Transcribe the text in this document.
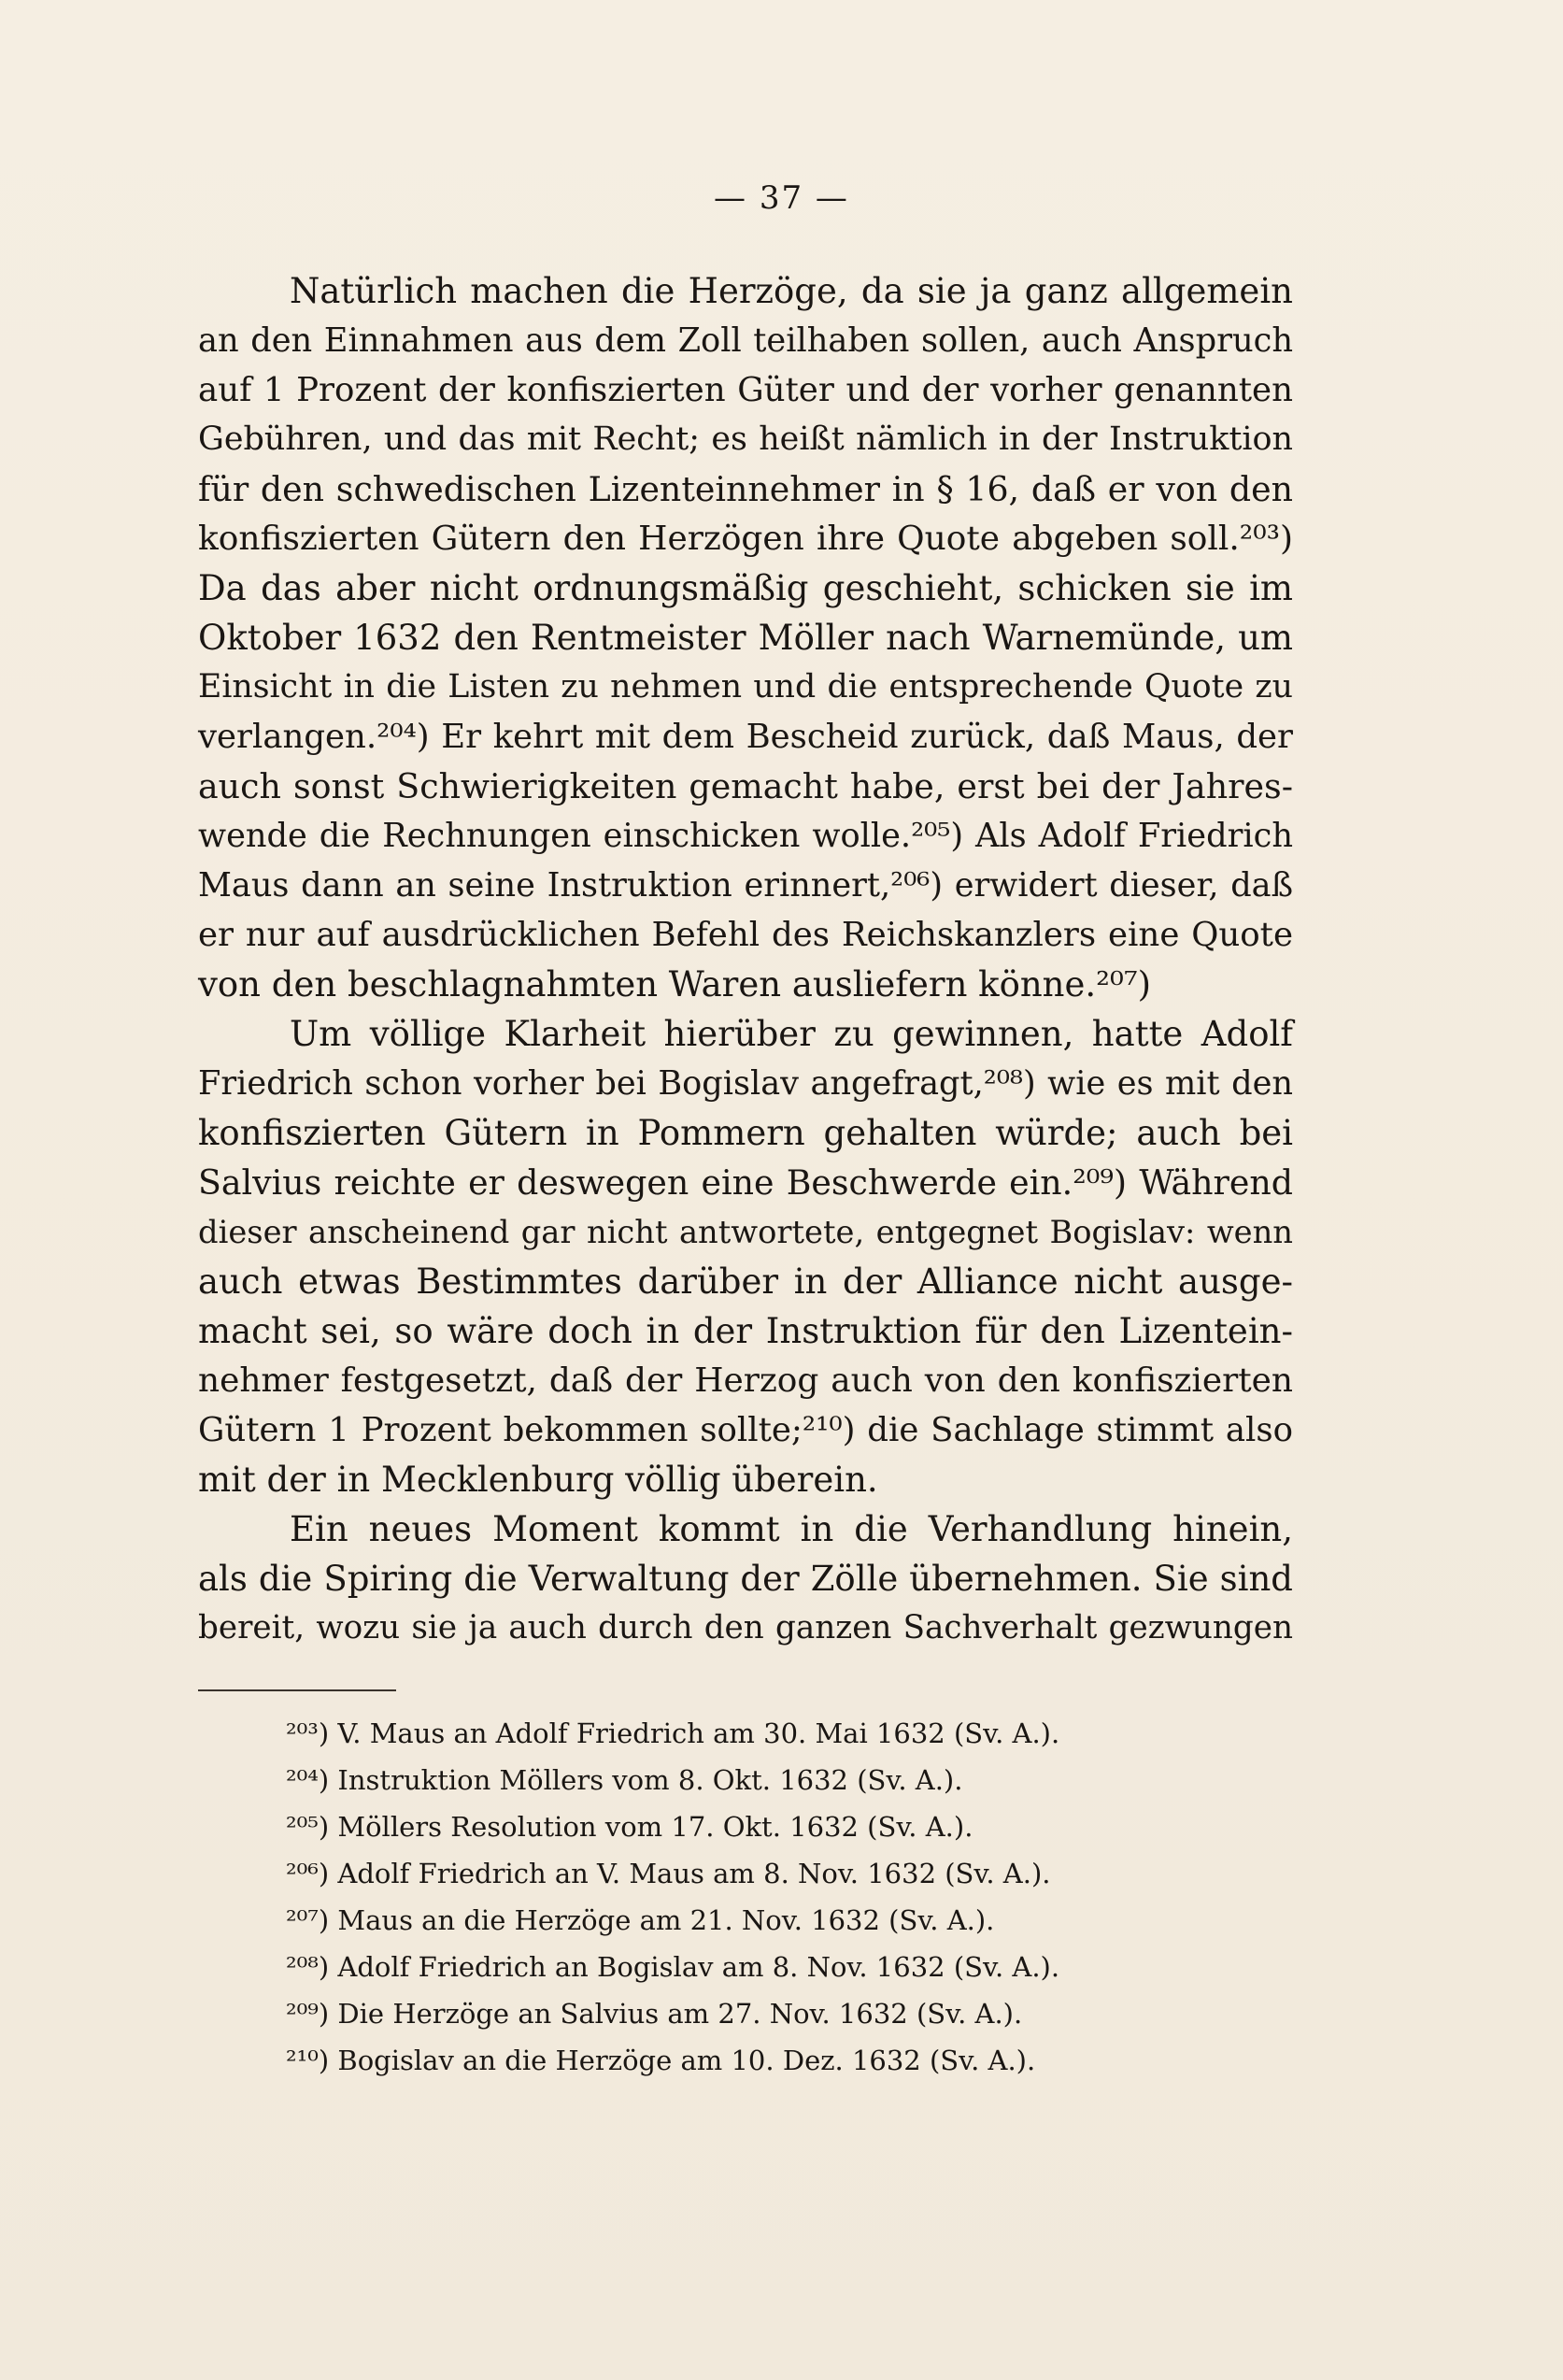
— 37 —
Natürlich machen die Herzöge, da sie ja ganz allgemein
an den Einnahmen aus dem Zoll teilhaben sollen, auch Anspruch
auf 1 Prozent der konfiszierten Güter und der vorher genannten
Gebühren, und das mit Recht; es heißt nämlich in der Instruktion
für den schwedischen Lizenteinnehmer in § 16, daß er von den
konfiszierten Gütern den Herzögen ihre Quote abgeben soll.²⁰³)
Da das aber nicht ordnungsmäßig geschieht, schicken sie im
Oktober 1632 den Rentmeister Möller nach Warnemünde, um
Einsicht in die Listen zu nehmen und die entsprechende Quote zu
verlangen.²⁰⁴) Er kehrt mit dem Bescheid zurück, daß Maus, der
auch sonst Schwierigkeiten gemacht habe, erst bei der Jahres-
wende die Rechnungen einschicken wolle.²⁰⁵) Als Adolf Friedrich
Maus dann an seine Instruktion erinnert,²⁰⁶) erwidert dieser, daß
er nur auf ausdrücklichen Befehl des Reichskanzlers eine Quote
von den beschlagnahmten Waren ausliefern könne.²⁰⁷)
Um völlige Klarheit hierüber zu gewinnen, hatte Adolf
Friedrich schon vorher bei Bogislav angefragt,²⁰⁸) wie es mit den
konfiszierten Gütern in Pommern gehalten würde; auch bei
Salvius reichte er deswegen eine Beschwerde ein.²⁰⁹) Während
dieser anscheinend gar nicht antwortete, entgegnet Bogislav: wenn
auch etwas Bestimmtes darüber in der Alliance nicht ausge-
macht sei, so wäre doch in der Instruktion für den Lizentein-
nehmer festgesetzt, daß der Herzog auch von den konfiszierten
Gütern 1 Prozent bekommen sollte;²¹⁰) die Sachlage stimmt also
mit der in Mecklenburg völlig überein.
Ein neues Moment kommt in die Verhandlung hinein,
als die Spiring die Verwaltung der Zölle übernehmen. Sie sind
bereit, wozu sie ja auch durch den ganzen Sachverhalt gezwungen
²⁰³) V. Maus an Adolf Friedrich am 30. Mai 1632 (Sv. A.).
²⁰⁴) Instruktion Möllers vom 8. Okt. 1632 (Sv. A.).
²⁰⁵) Möllers Resolution vom 17. Okt. 1632 (Sv. A.).
²⁰⁶) Adolf Friedrich an V. Maus am 8. Nov. 1632 (Sv. A.).
²⁰⁷) Maus an die Herzöge am 21. Nov. 1632 (Sv. A.).
²⁰⁸) Adolf Friedrich an Bogislav am 8. Nov. 1632 (Sv. A.).
²⁰⁹) Die Herzöge an Salvius am 27. Nov. 1632 (Sv. A.).
²¹⁰) Bogislav an die Herzöge am 10. Dez. 1632 (Sv. A.).
